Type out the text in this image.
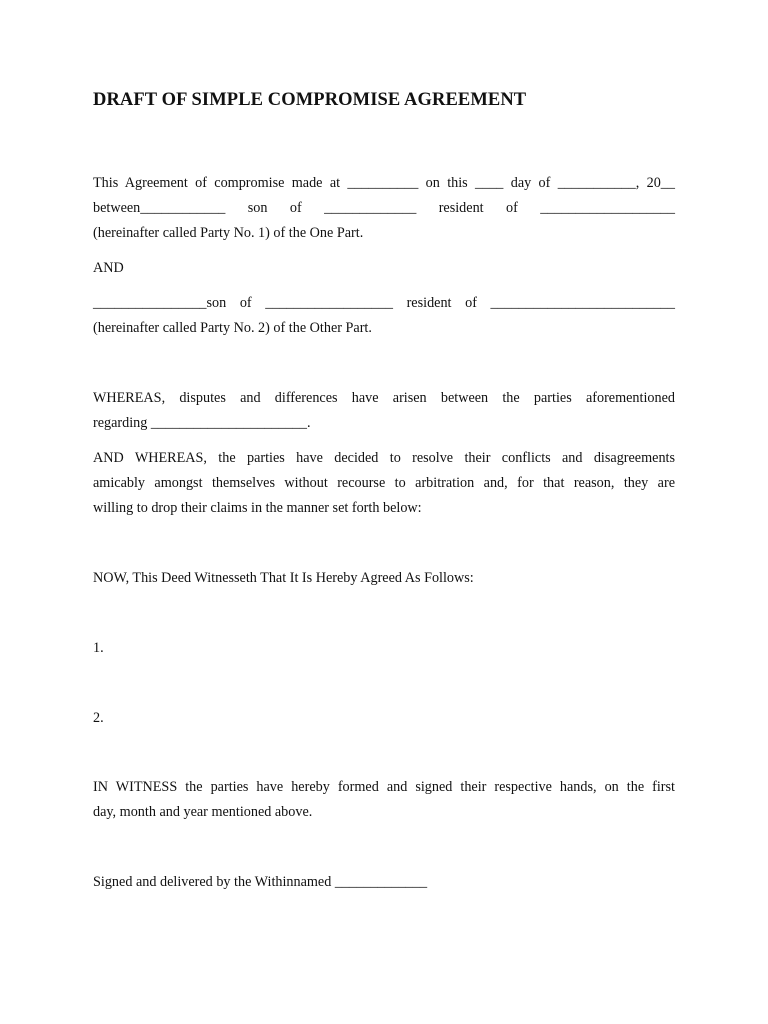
DRAFT OF SIMPLE COMPROMISE AGREEMENT
This Agreement of compromise made at __________ on this ____ day of ___________, 20__
between____________ son of _____________ resident of ___________________
(hereinafter called Party No. 1) of the One Part.
AND
________________son of __________________ resident of __________________________
(hereinafter called Party No. 2) of the Other Part.
WHEREAS, disputes and differences have arisen between the parties aforementioned
regarding ______________________.
AND WHEREAS, the parties have decided to resolve their conflicts and disagreements
amicably amongst themselves without recourse to arbitration and, for that reason, they are
willing to drop their claims in the manner set forth below:
NOW, This Deed Witnesseth That It Is Hereby Agreed As Follows:
1.
2.
IN WITNESS the parties have hereby formed and signed their respective hands, on the first
day, month and year mentioned above.
Signed and delivered by the Withinnamed _____________
